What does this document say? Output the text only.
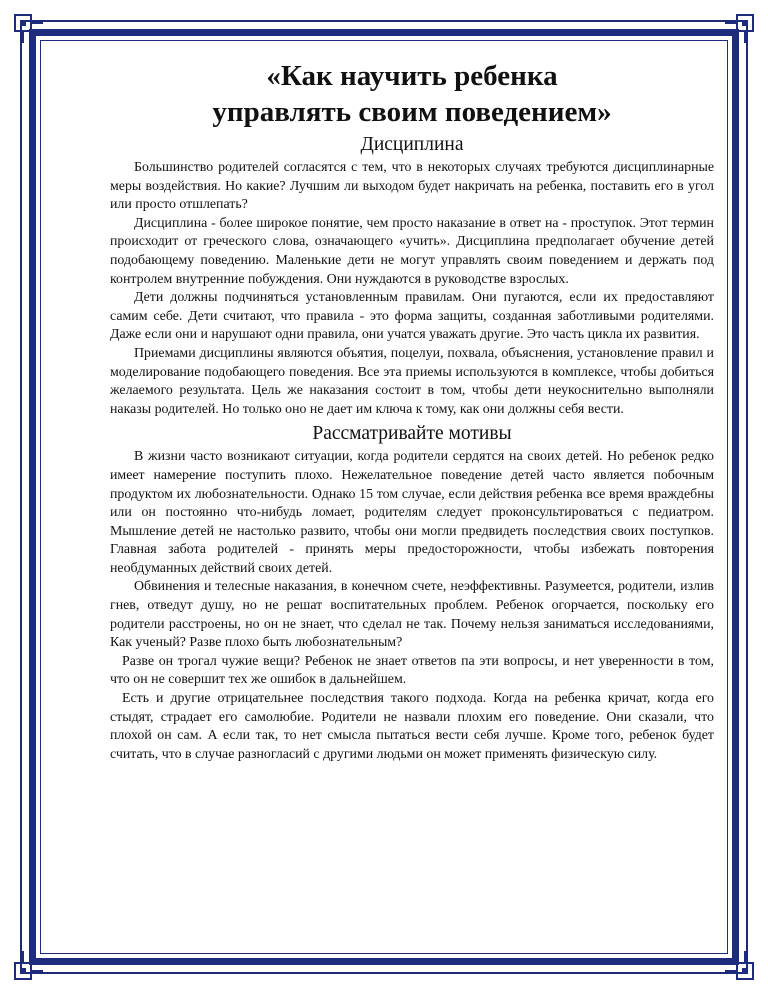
«Как научить ребенка
управлять своим поведением»
Дисциплина

Большинство родителей согласятся с тем, что в некоторых случаях требуются дисциплинарные меры воздействия. Но какие? Лучшим ли выходом будет накричать на ребенка, поставить его в угол или просто отшлепать?

Дисциплина - более широкое понятие, чем просто наказание в ответ на - проступок. Этот термин происходит от греческого слова, означающего «учить». Дисциплина предполагает обучение детей подобающему поведению. Маленькие дети не могут управлять своим поведением и держать под контролем внутренние побуждения. Они нуждаются в руководстве взрослых.

Дети должны подчиняться установленным правилам. Они пугаются, если их предоставляют самим себе. Дети считают, что правила - это форма защиты, созданная заботливыми родителями. Даже если они и нарушают одни правила, они учатся уважать другие. Это часть цикла их развития.

Приемами дисциплины являются объятия, поцелуи, похвала, объяснения, установление правил и моделирование подобающего поведения. Все эта приемы используются в комплексе, чтобы добиться желаемого результата. Цель же наказания состоит в том, чтобы дети неукоснительно выполняли наказы родителей. Но только оно не дает им ключа к тому, как они должны себя вести.

Рассматривайте мотивы

В жизни часто возникают ситуации, когда родители сердятся на своих детей. Но ребенок редко имеет намерение поступить плохо. Нежелательное поведение детей часто является побочным продуктом их любознательности. Однако 15 том случае, если действия ребенка все время враждебны или он постоянно что-нибудь ломает, родителям следует проконсультироваться с педиатром. Мышление детей не настолько развито, чтобы они могли предвидеть последствия своих поступков. Главная забота родителей - принять меры предосторожности, чтобы избежать повторения необдуманных действий своих детей.

Обвинения и телесные наказания, в конечном счете, неэффективны. Разумеется, родители, излив гнев, отведут душу, но не решат воспитательных проблем. Ребенок огорчается, поскольку его родители расстроены, но он не знает, что сделал не так. Почему нельзя заниматься исследованиями, Как ученый? Разве плохо быть любознательным?

Разве он трогал чужие вещи? Ребенок не знает ответов па эти вопросы, и нет уверенности в том, что он не совершит тех же ошибок в дальнейшем.

Есть и другие отрицательнее последствия такого подхода. Когда на ребенка кричат, когда его стыдят, страдает его самолюбие. Родители не назвали плохим его поведение. Они сказали, что плохой он сам. А если так, то нет смысла пытаться вести себя лучше. Кроме того, ребенок будет считать, что в случае разногласий с другими людьми он может применять физическую силу.
